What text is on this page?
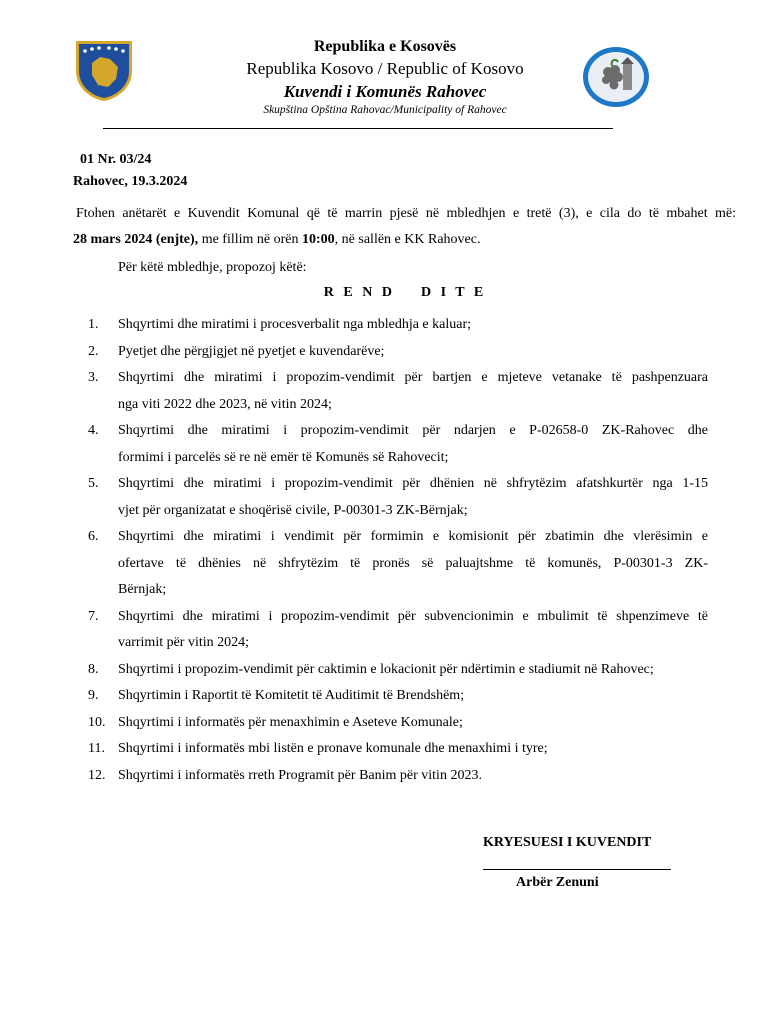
Republika e Kosovës
Republika Kosovo / Republic of Kosovo
Kuvendi i Komunës Rahovec
Skupština Opština Rahovac/Municipality of Rahovec
01 Nr. 03/24
Rahovec, 19.3.2024
Ftohen anëtarët e Kuvendit Komunal që të marrin pjesë në mbledhjen e tretë (3), e cila do të mbahet më:
28 mars 2024 (enjte), me fillim në orën 10:00, në sallën e KK Rahovec.
Për këtë mbledhje, propozoj këtë:
R E N D    D I T E
1.	Shqyrtimi dhe miratimi i procesverbalit nga mbledhja e kaluar;
2.	Pyetjet dhe përgjigjet në pyetjet e kuvendarëve;
3.	Shqyrtimi dhe miratimi i propozim-vendimit për bartjen e mjeteve vetanake të pashpenzuara
nga viti 2022 dhe 2023, në vitin 2024;
4.	Shqyrtimi dhe miratimi i propozim-vendimit për ndarjen e P-02658-0 ZK-Rahovec dhe
formimi i parcelës së re në emër të Komunës së Rahovecit;
5.	Shqyrtimi dhe miratimi i propozim-vendimit për dhënien në shfrytëzim afatshkurtër nga 1-15
vjet për organizatat e shoqërisë civile, P-00301-3 ZK-Bërnjak;
6.	Shqyrtimi dhe miratimi i vendimit për formimin e komisionit për zbatimin dhe vlerësimin e
ofertave të dhënies në shfrytëzim të pronës së paluajtshme të komunës, P-00301-3 ZK-
Bërnjak;
7.	Shqyrtimi dhe miratimi i propozim-vendimit për subvencionimin e mbulimit të shpenzimeve të
varrimit për vitin 2024;
8.	Shqyrtimi i propozim-vendimit për caktimin e lokacionit për ndërtimin e stadiumit në Rahovec;
9.	Shqyrtimin i Raportit të Komitetit të Auditimit të Brendshëm;
10. Shqyrtimi i informatës për menaxhimin e Aseteve Komunale;
11. Shqyrtimi i informatës mbi listën e pronave komunale dhe menaxhimi i tyre;
12. Shqyrtimi i informatës rreth Programit për Banim për vitin 2023.
KRYESUESI I KUVENDIT
Arbër Zenuni
